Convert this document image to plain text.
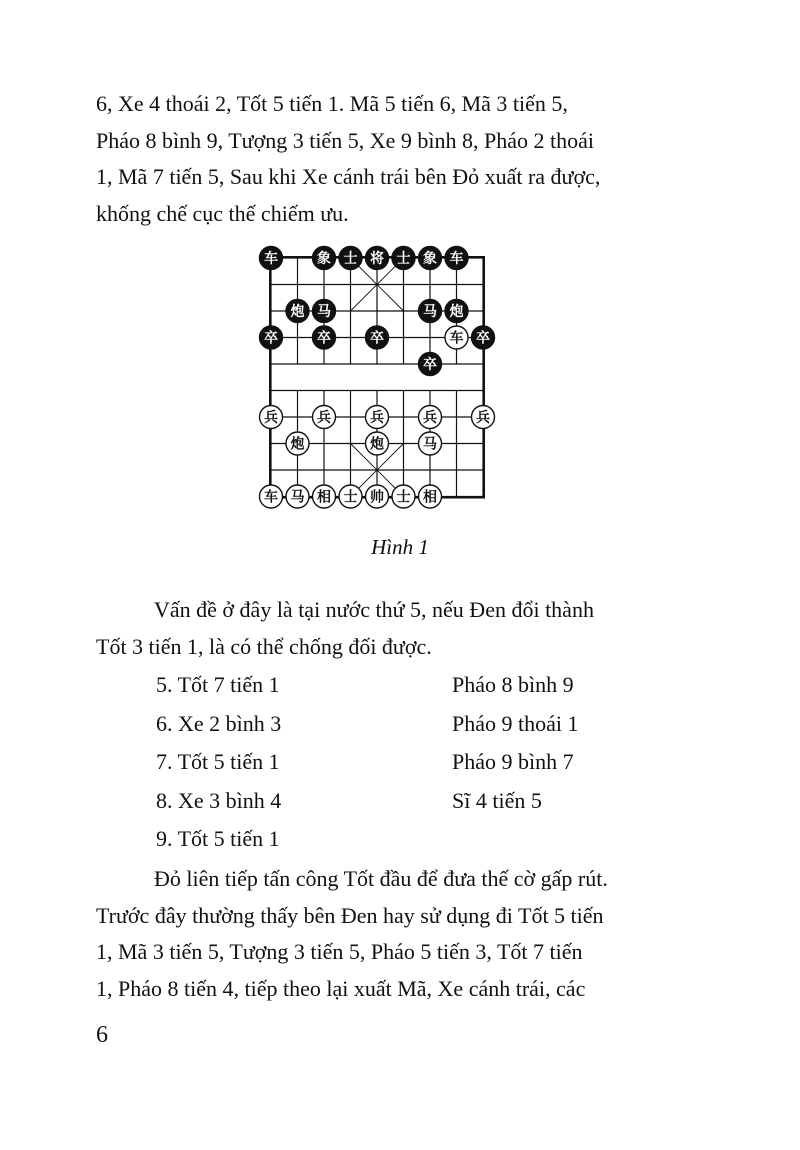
6, Xe 4 thoái 2, Tốt 5 tiến 1. Mã 5 tiến 6, Mã 3 tiến 5,
Pháo 8 bình 9, Tượng 3 tiến 5, Xe 9 bình 8, Pháo 2 thoái
1, Mã 7 tiến 5, Sau khi Xe cánh trái bên Đỏ xuất ra được,
khống chế cục thế chiếm ưu.

车	象 士 将 士 象 车
炮 马	马 炮
卒	卒	卒	卒
卒
车
兵	兵	兵	兵	兵
炮	炮	马
车 马 相 士 帅 士 相
Hình 1

Vấn đề ở đây là tại nước thứ 5, nếu Đen đổi thành
Tốt 3 tiến 1, là có thể chống đối được.

5. Tốt 7 tiến 1	Pháo 8 bình 9
6. Xe 2 bình 3	Pháo 9 thoái 1
7. Tốt 5 tiến 1	Pháo 9 bình 7
8. Xe 3 bình 4	Sĩ 4 tiến 5
9. Tốt 5 tiến 1

Đỏ liên tiếp tấn công Tốt đầu để đưa thế cờ gấp rút.
Trước đây thường thấy bên Đen hay sử dụng đi Tốt 5 tiến
1, Mã 3 tiến 5, Tượng 3 tiến 5, Pháo 5 tiến 3, Tốt 7 tiến
1, Pháo 8 tiến 4, tiếp theo lại xuất Mã, Xe cánh trái, các

6
